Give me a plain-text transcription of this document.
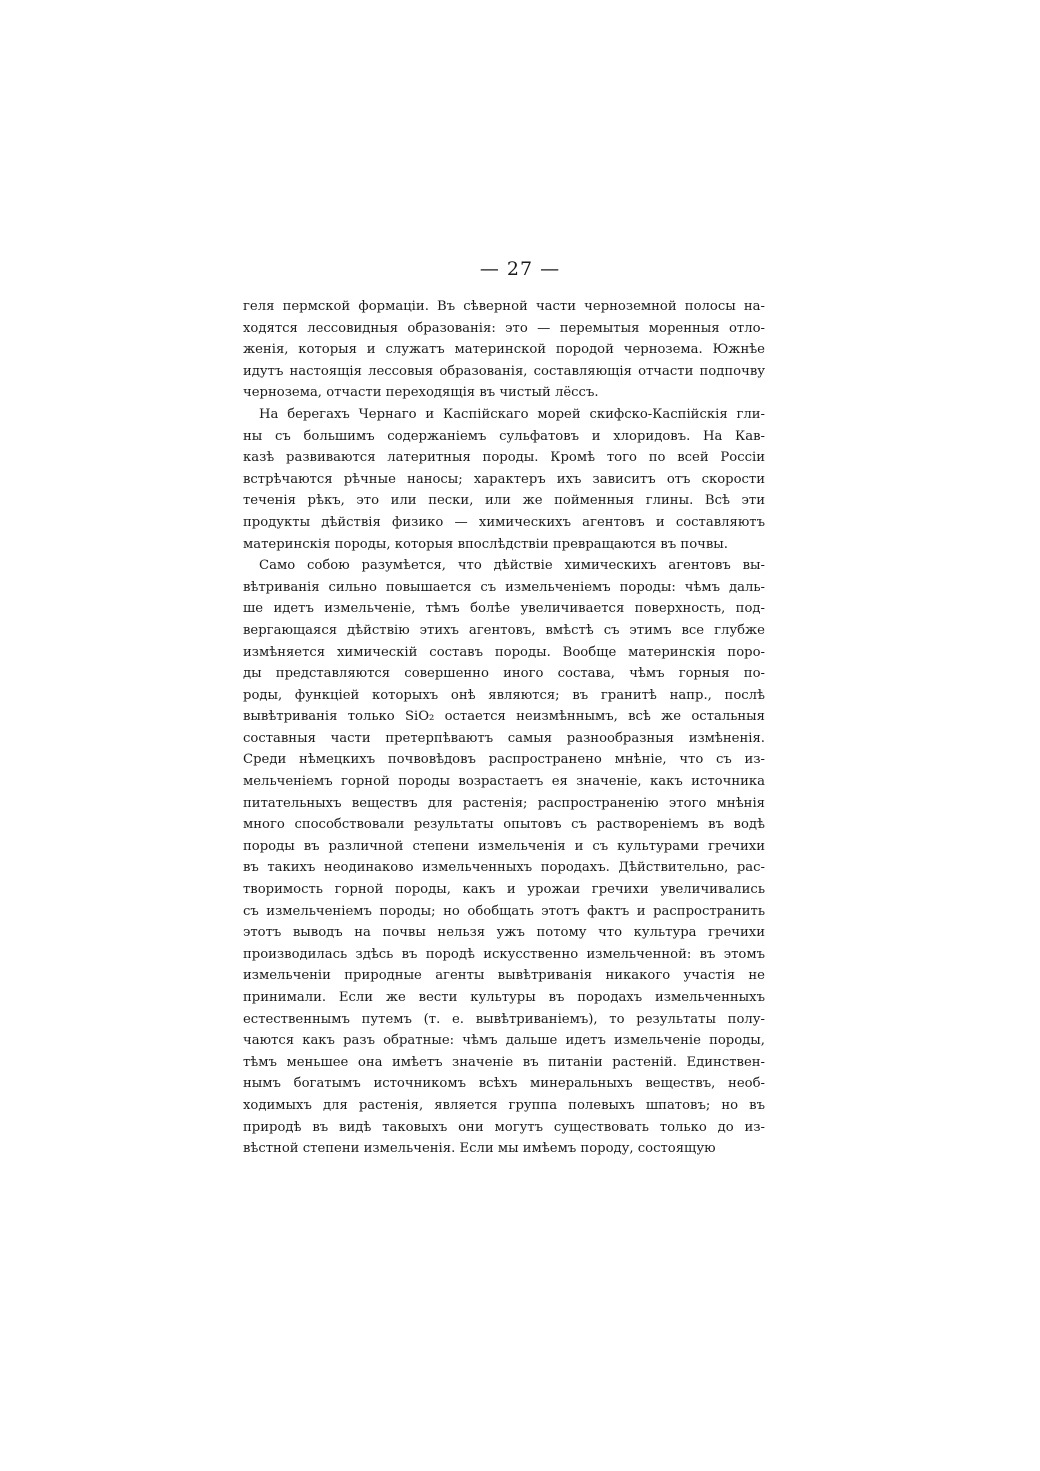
— 27 —
геля пермской формаціи. Въ сѣверной части черноземной полосы на-
ходятся лессовидныя образованія: это — перемытыя моренныя отло-
женія, которыя и служатъ материнской породой чернозема. Южнѣе
идутъ настоящія лессовыя образованія, составляющія отчасти подпочву
чернозема, отчасти переходящія въ чистый лёссъ.
На берегахъ Чернаго и Каспійскаго морей скифско-Каспійскія гли-
ны съ большимъ содержаніемъ сульфатовъ и хлоридовъ. На Кав-
казѣ развиваются латеритныя породы. Кромѣ того по всей Россіи
встрѣчаются рѣчные наносы; характеръ ихъ зависитъ отъ скорости
теченія рѣкъ, это или пески, или же пойменныя глины. Всѣ эти
продукты дѣйствія физико — химическихъ агентовъ и составляютъ
материнскія породы, которыя впослѣдствіи превращаются въ почвы.
Само собою разумѣется, что дѣйствіе химическихъ агентовъ вы-
вѣтриванія сильно повышается съ измельченіемъ породы: чѣмъ даль-
ше идетъ измельченіе, тѣмъ болѣе увеличивается поверхность, под-
вергающаяся дѣйствію этихъ агентовъ, вмѣстѣ съ этимъ все глубже
измѣняется химическій составъ породы. Вообще материнскія поро-
ды представляются совершенно иного состава, чѣмъ горныя по-
роды, функціей которыхъ онѣ являются; въ гранитѣ напр., послѣ
вывѣтриванія только SiO₂ остается неизмѣннымъ, всѣ же остальныя
составныя части претерпѣваютъ самыя разнообразныя измѣненія.
Среди нѣмецкихъ почвовѣдовъ распространено мнѣніе, что съ из-
мельченіемъ горной породы возрастаетъ ея значеніе, какъ источника
питательныхъ веществъ для растенія; распространенію этого мнѣнія
много способствовали результаты опытовъ съ раствореніемъ въ водѣ
породы въ различной степени измельченія и съ культурами гречихи
въ такихъ неодинаково измельченныхъ породахъ. Дѣйствительно, рас-
творимость горной породы, какъ и урожаи гречихи увеличивались
съ измельченіемъ породы; но обобщать этотъ фактъ и распространить
этотъ выводъ на почвы нельзя ужъ потому что культура гречихи
производилась здѣсь въ породѣ искусственно измельченной: въ этомъ
измельченіи природные агенты вывѣтриванія никакого участія не
принимали. Если же вести культуры въ породахъ измельченныхъ
естественнымъ путемъ (т. е. вывѣтриваніемъ), то результаты полу-
чаются какъ разъ обратные: чѣмъ дальше идетъ измельченіе породы,
тѣмъ меньшее она имѣетъ значеніе въ питаніи растеній. Единствен-
нымъ богатымъ источникомъ всѣхъ минеральныхъ веществъ, необ-
ходимыхъ для растенія, является группа полевыхъ шпатовъ; но въ
природѣ въ видѣ таковыхъ они могутъ существовать только до из-
вѣстной степени измельченія. Если мы имѣемъ породу, состоящую
